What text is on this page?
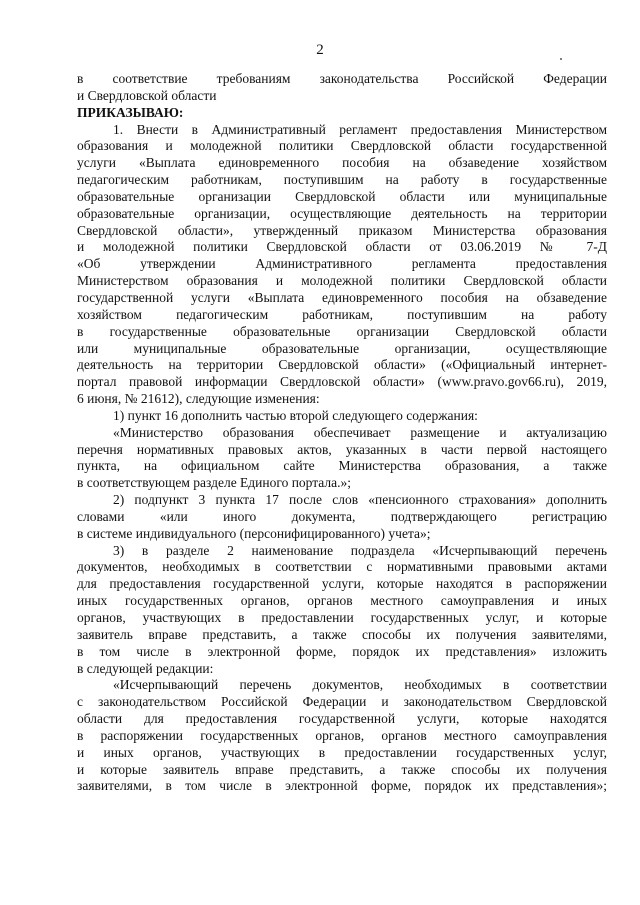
2
в соответствие требованиям законодательства Российской Федерации
и Свердловской области
ПРИКАЗЫВАЮ:
1. Внести в Административный регламент предоставления Министерством
образования и молодежной политики Свердловской области государственной
услуги «Выплата единовременного пособия на обзаведение хозяйством
педагогическим работникам, поступившим на работу в государственные
образовательные организации Свердловской области или муниципальные
образовательные организации, осуществляющие деятельность на территории
Свердловской области», утвержденный приказом Министерства образования
и молодежной политики Свердловской области от 03.06.2019 № 7-Д
«Об утверждении Административного регламента предоставления
Министерством образования и молодежной политики Свердловской области
государственной услуги «Выплата единовременного пособия на обзаведение
хозяйством педагогическим работникам, поступившим на работу
в государственные образовательные организации Свердловской области
или муниципальные образовательные организации, осуществляющие
деятельность на территории Свердловской области» («Официальный интернет-
портал правовой информации Свердловской области» (www.pravo.gov66.ru), 2019,
6 июня, № 21612), следующие изменения:
1) пункт 16 дополнить частью второй следующего содержания:
«Министерство образования обеспечивает размещение и актуализацию
перечня нормативных правовых актов, указанных в части первой настоящего
пункта, на официальном сайте Министерства образования, а также
в соответствующем разделе Единого портала.»;
2) подпункт 3 пункта 17 после слов «пенсионного страхования» дополнить
словами «или иного документа, подтверждающего регистрацию
в системе индивидуального (персонифицированного) учета»;
3) в разделе 2 наименование подраздела «Исчерпывающий перечень
документов, необходимых в соответствии с нормативными правовыми актами
для предоставления государственной услуги, которые находятся в распоряжении
иных государственных органов, органов местного самоуправления и иных
органов, участвующих в предоставлении государственных услуг, и которые
заявитель вправе представить, а также способы их получения заявителями,
в том числе в электронной форме, порядок их представления» изложить
в следующей редакции:
«Исчерпывающий перечень документов, необходимых в соответствии
с законодательством Российской Федерации и законодательством Свердловской
области для предоставления государственной услуги, которые находятся
в распоряжении государственных органов, органов местного самоуправления
и иных органов, участвующих в предоставлении государственных услуг,
и которые заявитель вправе представить, а также способы их получения
заявителями, в том числе в электронной форме, порядок их представления»;
